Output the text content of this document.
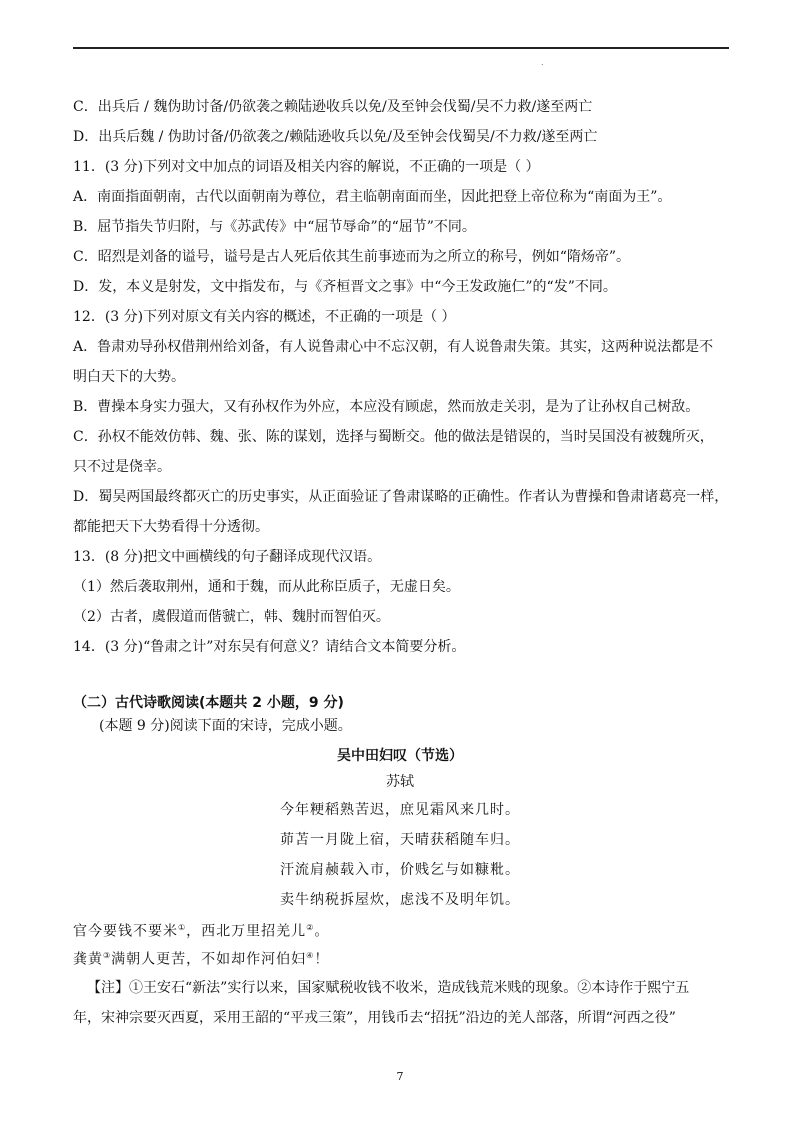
.
C．出兵后 / 魏伪助讨备/仍欲袭之赖陆逊收兵以免/及至钟会伐蜀/吴不力救/遂至两亡
D．出兵后魏 / 伪助讨备/仍欲袭之/赖陆逊收兵以免/及至钟会伐蜀吴/不力救/遂至两亡
11．(3 分)下列对文中加点的词语及相关内容的解说，不正确的一项是（ ）
A．南面指面朝南，古代以面朝南为尊位，君主临朝南面而坐，因此把登上帝位称为“南面为王”。
B．屈节指失节归附，与《苏武传》中“屈节辱命”的“屈节”不同。
C．昭烈是刘备的谥号，谥号是古人死后依其生前事迹而为之所立的称号，例如“隋炀帝”。
D．发，本义是射发，文中指发布，与《齐桓晋文之事》中“今王发政施仁”的“发”不同。
12．(3 分)下列对原文有关内容的概述，不正确的一项是（ ）
A．鲁肃劝导孙权借荆州给刘备，有人说鲁肃心中不忘汉朝，有人说鲁肃失策。其实，这两种说法都是不
明白天下的大势。
B．曹操本身实力强大，又有孙权作为外应，本应没有顾虑，然而放走关羽，是为了让孙权自己树敌。
C．孙权不能效仿韩、魏、张、陈的谋划，选择与蜀断交。他的做法是错误的，当时吴国没有被魏所灭，
只不过是侥幸。
D．蜀吴两国最终都灭亡的历史事实，从正面验证了鲁肃谋略的正确性。作者认为曹操和鲁肃诸葛亮一样，
都能把天下大势看得十分透彻。
13．(8 分)把文中画横线的句子翻译成现代汉语。
（1）然后袭取荆州，通和于魏，而从此称臣质子，无虚日矣。
（2）古者，虞假道而偕虢亡，韩、魏肘而智伯灭。
14．(3 分)“鲁肃之计”对东吴有何意义？请结合文本简要分析。
（二）古代诗歌阅读(本题共 2 小题，9 分)
(本题 9 分)阅读下面的宋诗，完成小题。
吴中田妇叹（节选）
苏轼
今年粳稻熟苦迟，庶见霜风来几时。
茆苫一月陇上宿，天晴获稻随车归。
汗流肩赪载入市，价贱乞与如糠粃。
卖牛纳税拆屋炊，虑浅不及明年饥。
官今要钱不要米①，西北万里招羌儿②。
龚黄③满朝人更苦，不如却作河伯妇④！
【注】①王安石“新法”实行以来，国家赋税收钱不收米，造成钱荒米贱的现象。②本诗作于熙宁五
年，宋神宗要灭西夏，采用王韶的“平戎三策”，用钱币去“招抚”沿边的羌人部落，所谓“河西之役”
7
